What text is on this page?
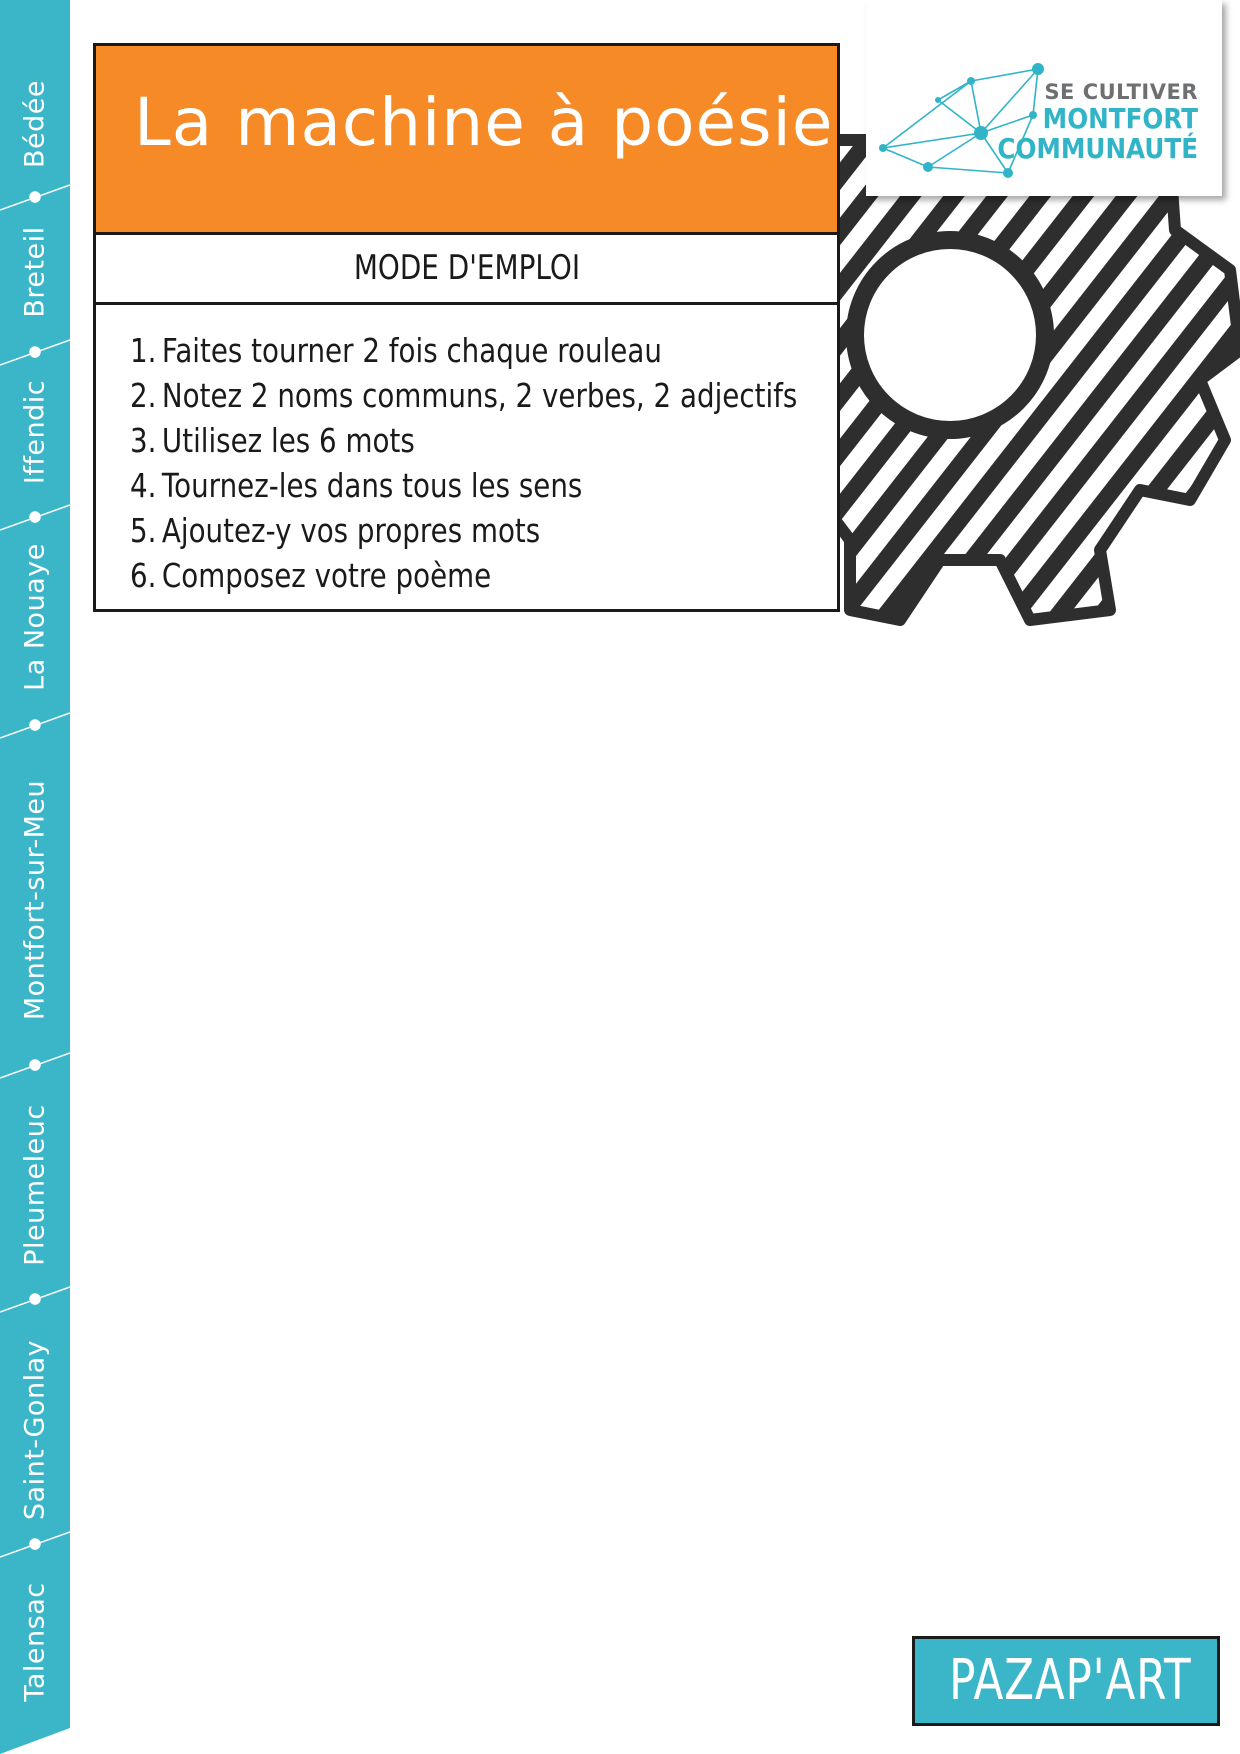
Bédée
Breteil
Iffendic
La Nouaye
Montfort-sur-Meu
Pleumeleuc
Saint-Gonlay
Talensac
SE CULTIVER
MONTFORT
COMMUNAUTÉ
La machine à poésie
MODE D'EMPLOI
1. Faites tourner 2 fois chaque rouleau
2. Notez 2 noms communs, 2 verbes, 2 adjectifs
3. Utilisez les 6 mots
4. Tournez-les dans tous les sens
5. Ajoutez-y vos propres mots
6. Composez votre poème
PAZAP'ART
